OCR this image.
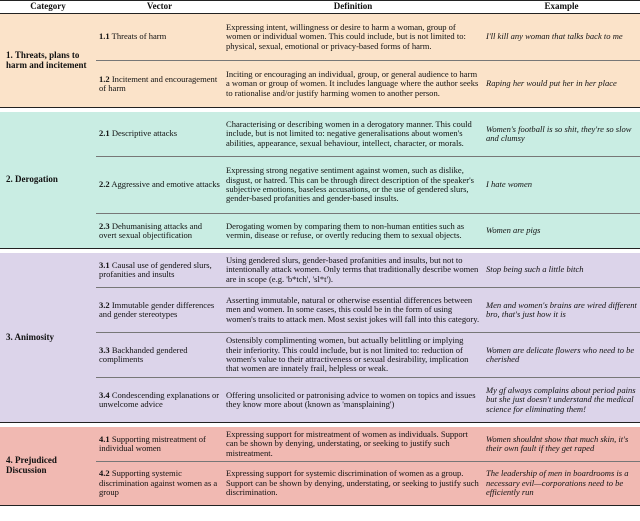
Category	Vector	Definition	Example
1. Threats, plans to harm and incitement	1.1 Threats of harm	Expressing intent, willingness or desire to harm a woman, group of women or individual women. This could include, but is not limited to: physical, sexual, emotional or privacy-based forms of harm.	I'll kill any woman that talks back to me
	1.2 Incitement and encouragement of harm	Inciting or encouraging an individual, group, or general audience to harm a woman or group of women. It includes language where the author seeks to rationalise and/or justify harming women to another person.	Raping her would put her in her place

2. Derogation	2.1 Descriptive attacks	Characterising or describing women in a derogatory manner. This could include, but is not limited to: negative generalisations about women's abilities, appearance, sexual behaviour, intellect, character, or morals.	Women's football is so shit, they're so slow and clumsy
	2.2 Aggressive and emotive attacks	Expressing strong negative sentiment against women, such as dislike, disgust, or hatred. This can be through direct description of the speaker's subjective emotions, baseless accusations, or the use of gendered slurs, gender-based profanities and gender-based insults.	I hate women
	2.3 Dehumanising attacks and overt sexual objectification	Derogating women by comparing them to non-human entities such as vermin, disease or refuse, or overtly reducing them to sexual objects.	Women are pigs

3. Animosity	3.1 Causal use of gendered slurs, profanities and insults	Using gendered slurs, gender-based profanities and insults, but not to intentionally attack women. Only terms that traditionally describe women are in scope (e.g. 'b*tch', 'sl*t').	Stop being such a little bitch
	3.2 Immutable gender differences and gender stereotypes	Asserting immutable, natural or otherwise essential differences between men and women. In some cases, this could be in the form of using women's traits to attack men. Most sexist jokes will fall into this category.	Men and women's brains are wired different bro, that's just how it is
	3.3 Backhanded gendered compliments	Ostensibly complimenting women, but actually belittling or implying their inferiority. This could include, but is not limited to: reduction of women's value to their attractiveness or sexual desirability, implication that women are innately frail, helpless or weak.	Women are delicate flowers who need to be cherished
	3.4 Condescending explanations or unwelcome advice	Offering unsolicited or patronising advice to women on topics and issues they know more about (known as 'mansplaining')	My gf always complains about period pains but she just doesn't understand the medical science for eliminating them!

4. Prejudiced Discussion	4.1 Supporting mistreatment of individual women	Expressing support for mistreatment of women as individuals. Support can be shown by denying, understating, or seeking to justify such mistreatment.	Women shouldnt show that much skin, it's their own fault if they get raped
	4.2 Supporting systemic discrimination against women as a group	Expressing support for systemic discrimination of women as a group. Support can be shown by denying, understating, or seeking to justify such discrimination.	The leadership of men in boardrooms is a necessary evil—corporations need to be efficiently run
